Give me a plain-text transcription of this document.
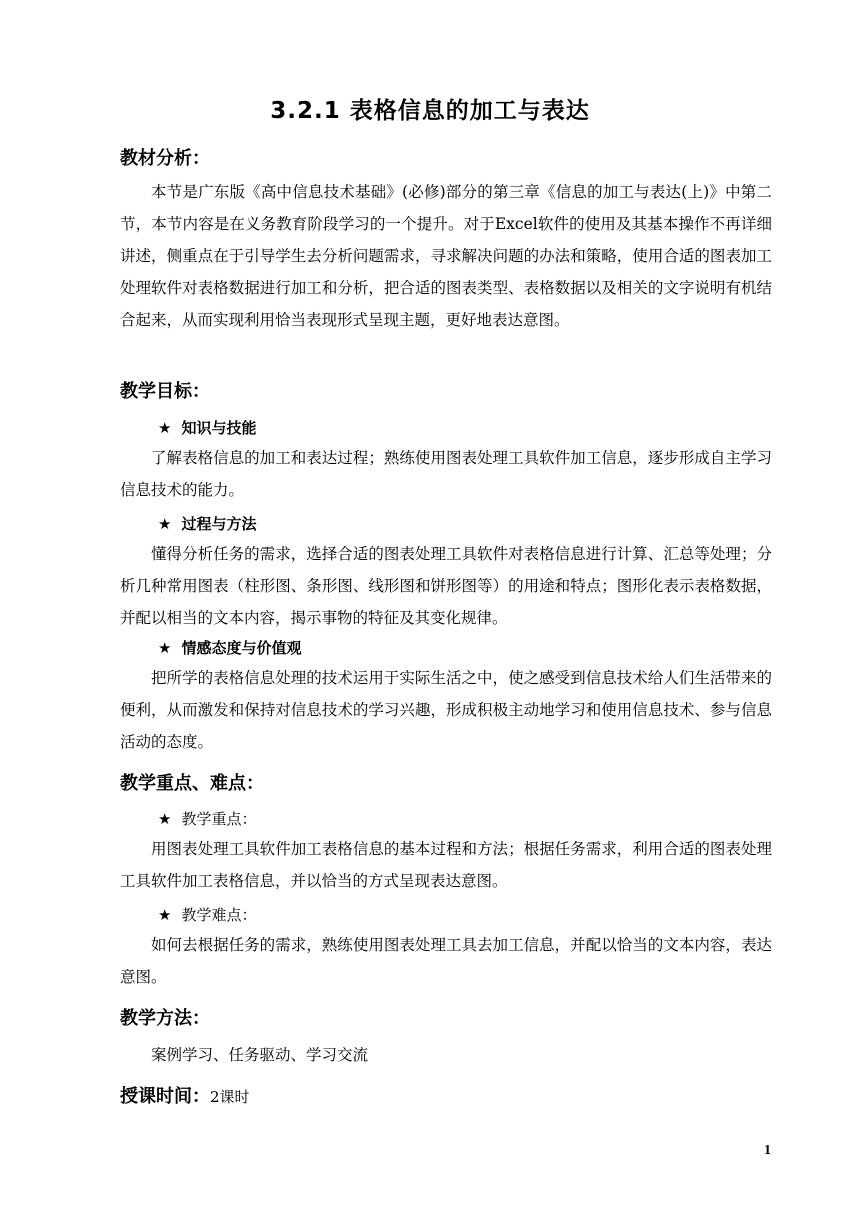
3.2.1 表格信息的加工与表达
教材分析：

本节是广东版《高中信息技术基础》(必修)部分的第三章《信息的加工与表达(上)》中第二节，本节内容是在义务教育阶段学习的一个提升。对于Excel软件的使用及其基本操作不再详细讲述，侧重点在于引导学生去分析问题需求，寻求解决问题的办法和策略，使用合适的图表加工处理软件对表格数据进行加工和分析，把合适的图表类型、表格数据以及相关的文字说明有机结合起来，从而实现利用恰当表现形式呈现主题，更好地表达意图。

教学目标：
★ 知识与技能

了解表格信息的加工和表达过程；熟练使用图表处理工具软件加工信息，逐步形成自主学习信息技术的能力。

★ 过程与方法

懂得分析任务的需求，选择合适的图表处理工具软件对表格信息进行计算、汇总等处理；分析几种常用图表（柱形图、条形图、线形图和饼形图等）的用途和特点；图形化表示表格数据，并配以相当的文本内容，揭示事物的特征及其变化规律。

★ 情感态度与价值观

把所学的表格信息处理的技术运用于实际生活之中，使之感受到信息技术给人们生活带来的便利，从而激发和保持对信息技术的学习兴趣，形成积极主动地学习和使用信息技术、参与信息活动的态度。

教学重点、难点：
★ 教学重点：

用图表处理工具软件加工表格信息的基本过程和方法；根据任务需求，利用合适的图表处理工具软件加工表格信息，并以恰当的方式呈现表达意图。

★ 教学难点：

如何去根据任务的需求，熟练使用图表处理工具去加工信息，并配以恰当的文本内容，表达意图。

教学方法：

案例学习、任务驱动、学习交流

授课时间：2课时
1
